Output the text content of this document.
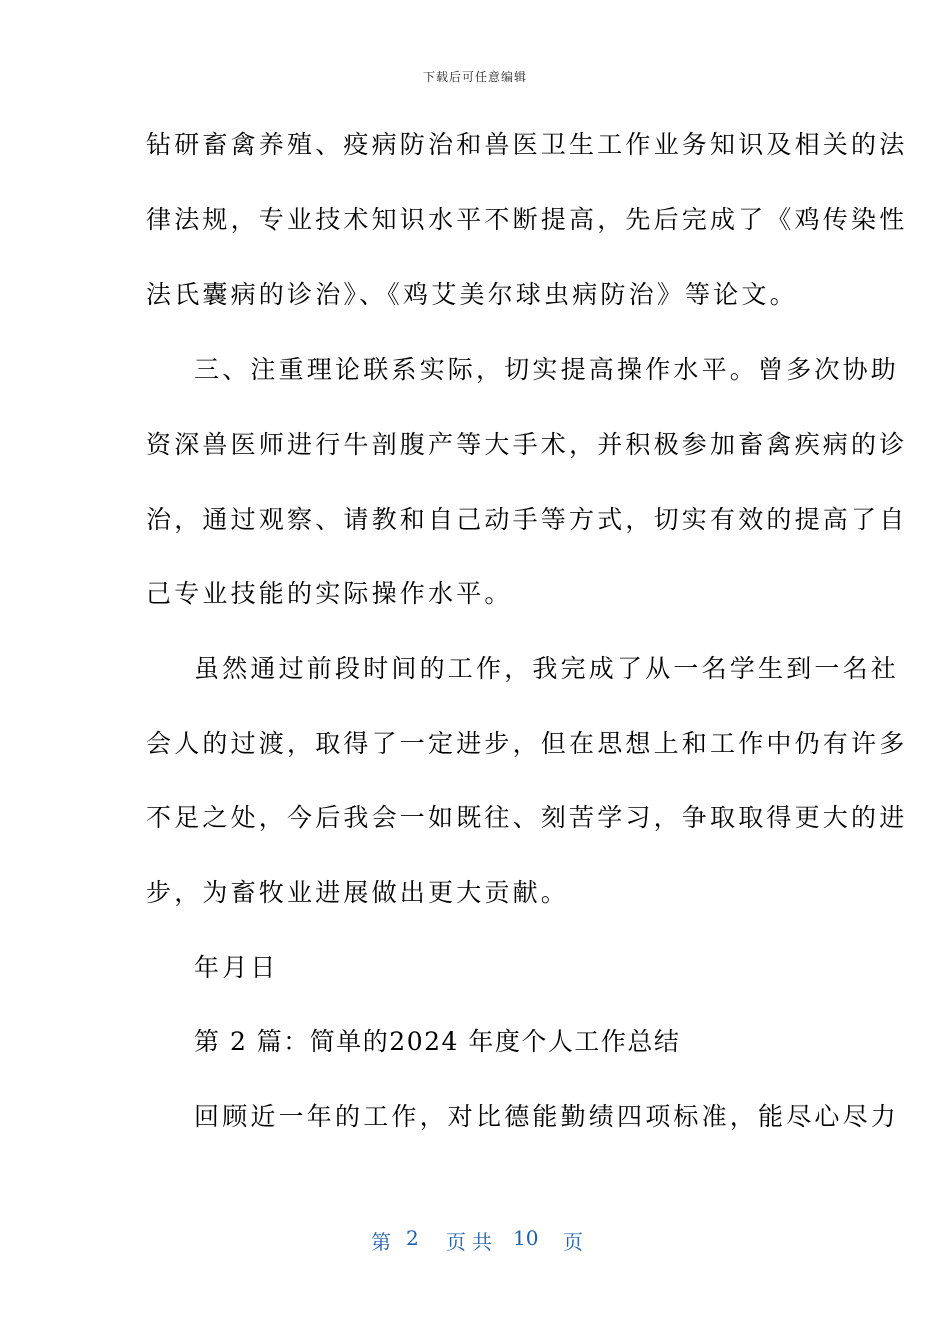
下载后可任意编辑
钻研畜禽养殖、疫病防治和兽医卫生工作业务知识及相关的法
律法规，专业技术知识水平不断提高，先后完成了《鸡传染性
法氏囊病的诊治》、《鸡艾美尔球虫病防治》等论文。
三、注重理论联系实际，切实提高操作水平。曾多次协助
资深兽医师进行牛剖腹产等大手术，并积极参加畜禽疾病的诊
治，通过观察、请教和自己动手等方式，切实有效的提高了自
己专业技能的实际操作水平。
虽然通过前段时间的工作，我完成了从一名学生到一名社
会人的过渡，取得了一定进步，但在思想上和工作中仍有许多
不足之处，今后我会一如既往、刻苦学习，争取取得更大的进
步，为畜牧业进展做出更大贡献。
年月日
第 2 篇：简单的2024 年度个人工作总结
回顾近一年的工作，对比德能勤绩四项标准，能尽心尽力
第 2 页共 10 页
